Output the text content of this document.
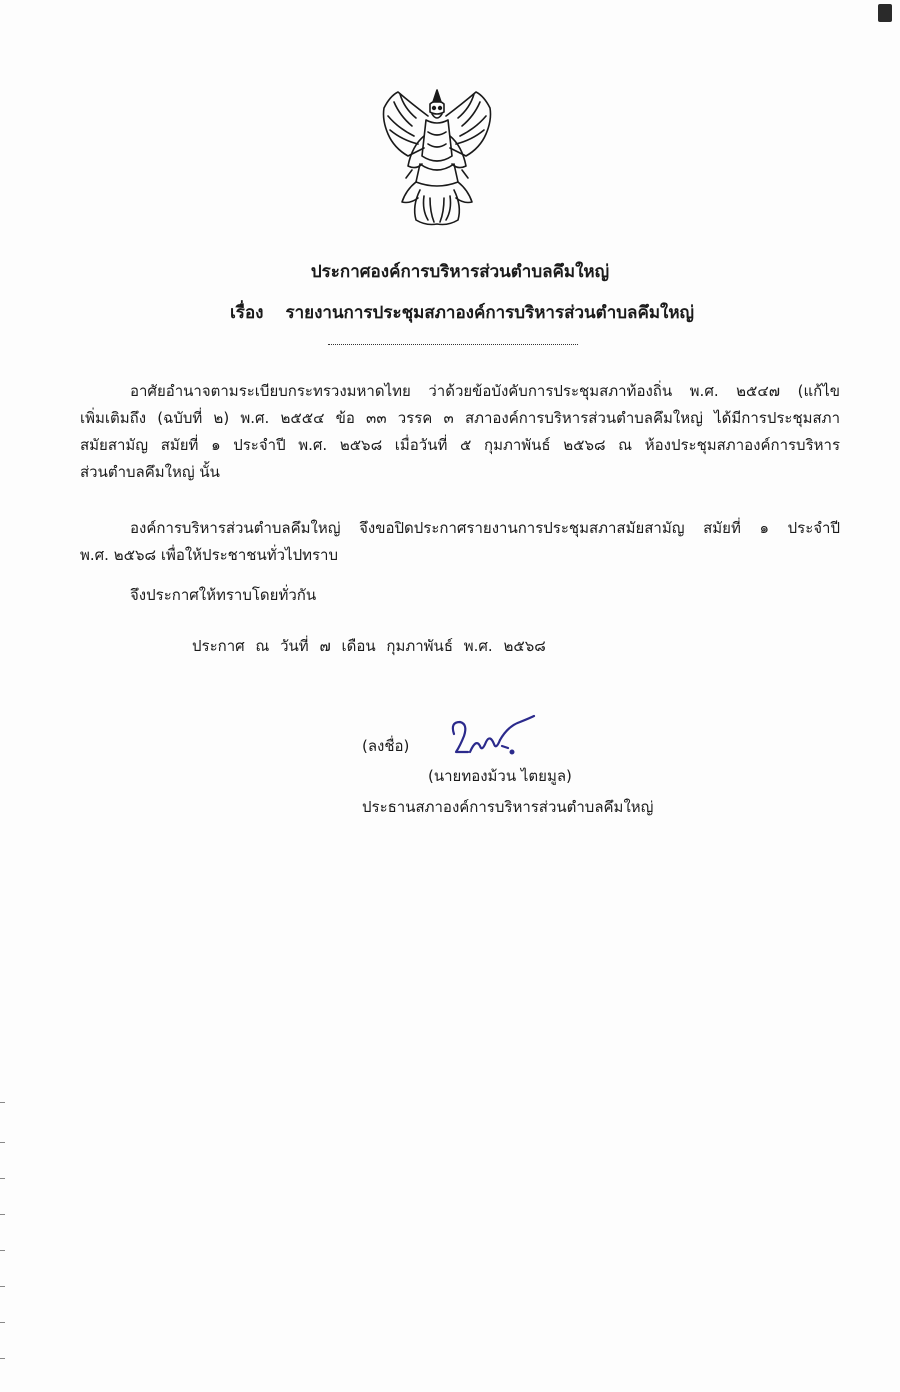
ประกาศองค์การบริหารส่วนตำบลคึมใหญ่
เรื่อง รายงานการประชุมสภาองค์การบริหารส่วนตำบลคึมใหญ่
อาศัยอำนาจตามระเบียบกระทรวงมหาดไทย ว่าด้วยข้อบังคับการประชุมสภาท้องถิ่น พ.ศ. ๒๕๔๗ (แก้ไข
เพิ่มเติมถึง (ฉบับที่ ๒) พ.ศ. ๒๕๕๔ ข้อ ๓๓ วรรค ๓ สภาองค์การบริหารส่วนตำบลคึมใหญ่ ได้มีการประชุมสภา
สมัยสามัญ สมัยที่ ๑ ประจำปี พ.ศ. ๒๕๖๘ เมื่อวันที่ ๕ กุมภาพันธ์ ๒๕๖๘ ณ ห้องประชุมสภาองค์การบริหาร
ส่วนตำบลคึมใหญ่ นั้น
องค์การบริหารส่วนตำบลคึมใหญ่ จึงขอปิดประกาศรายงานการประชุมสภาสมัยสามัญ สมัยที่ ๑ ประจำปี
พ.ศ. ๒๕๖๘ เพื่อให้ประชาชนทั่วไปทราบ
จึงประกาศให้ทราบโดยทั่วกัน
ประกาศ ณ วันที่ ๗ เดือน กุมภาพันธ์ พ.ศ. ๒๕๖๘
(ลงชื่อ)
(นายทองม้วน ไตยมูล)
ประธานสภาองค์การบริหารส่วนตำบลคึมใหญ่
